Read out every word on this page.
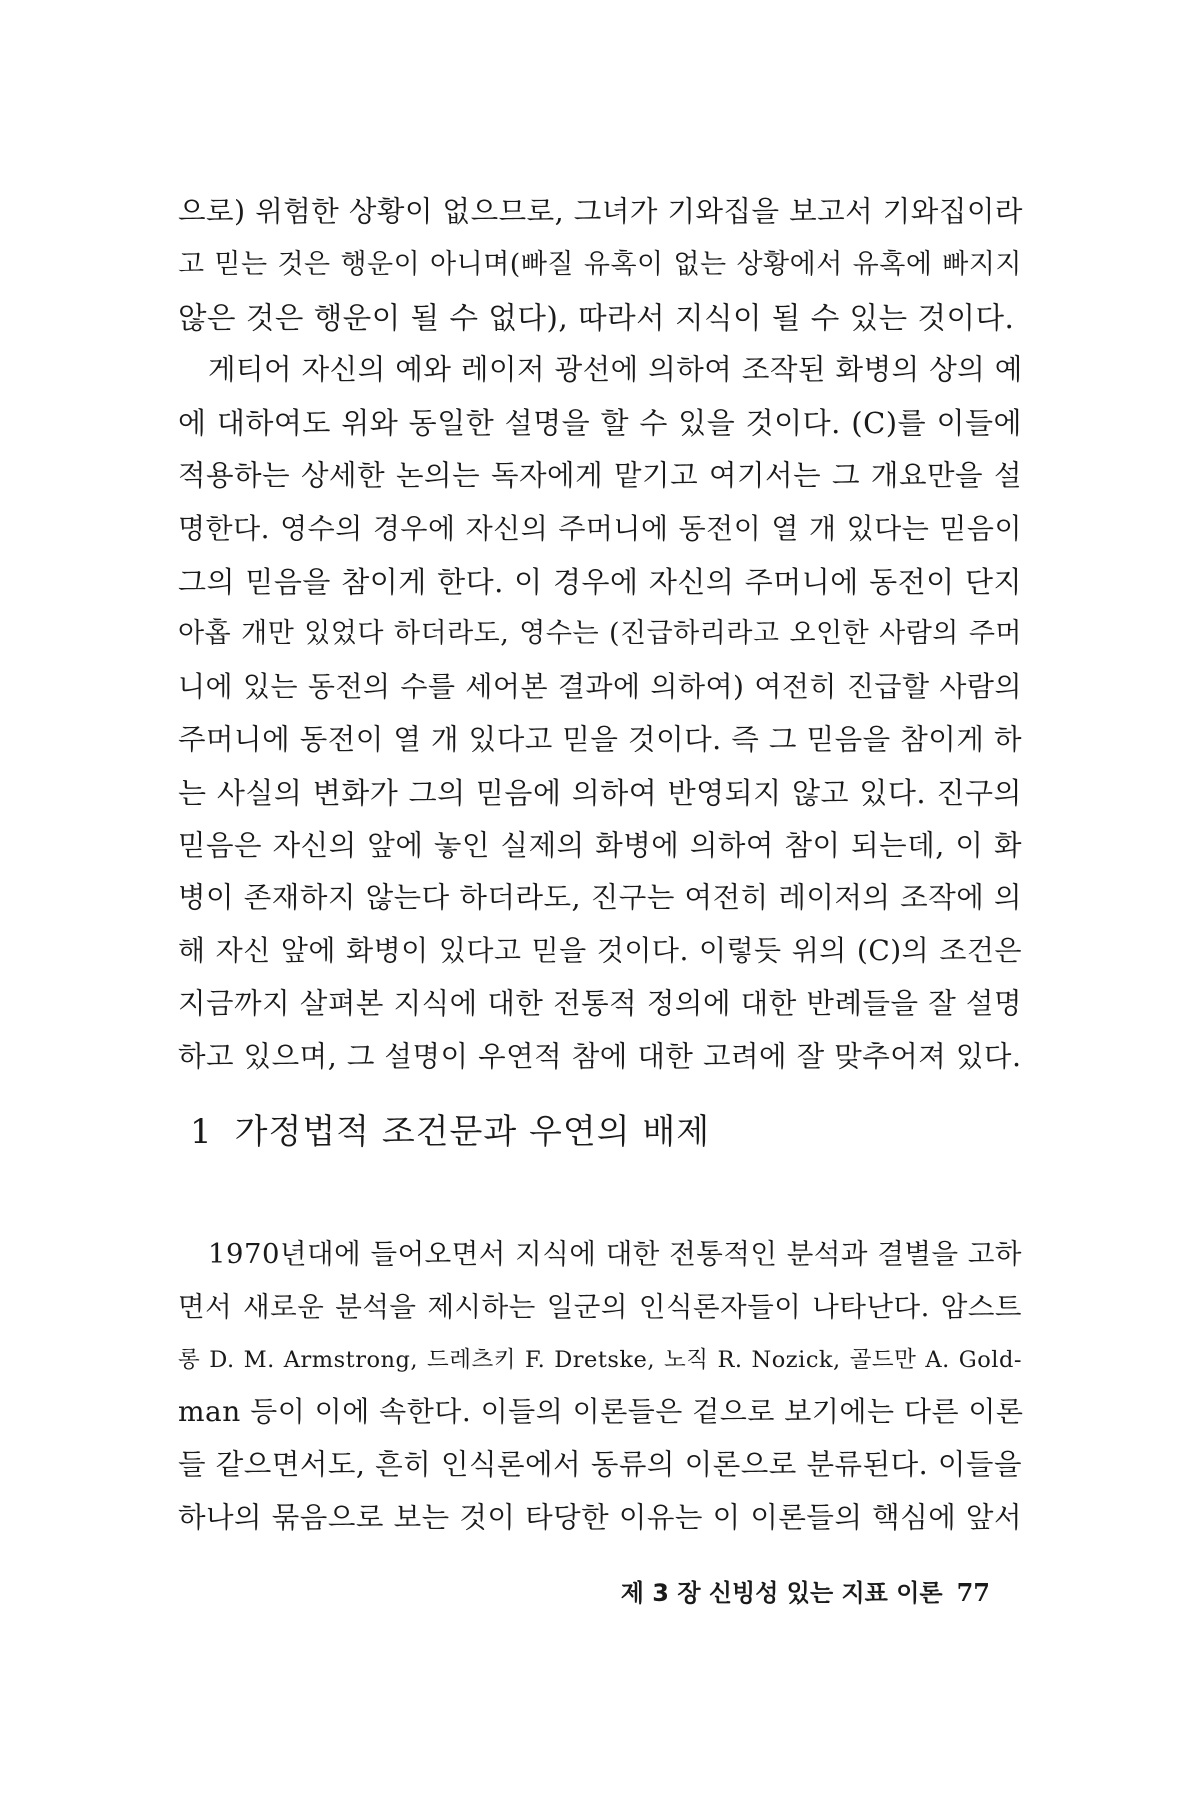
으로) 위험한 상황이 없으므로, 그녀가 기와집을 보고서 기와집이라
고 믿는 것은 행운이 아니며(빠질 유혹이 없는 상황에서 유혹에 빠지지
않은 것은 행운이 될 수 없다), 따라서 지식이 될 수 있는 것이다.
게티어 자신의 예와 레이저 광선에 의하여 조작된 화병의 상의 예
에 대하여도 위와 동일한 설명을 할 수 있을 것이다. (C)를 이들에
적용하는 상세한 논의는 독자에게 맡기고 여기서는 그 개요만을 설
명한다. 영수의 경우에 자신의 주머니에 동전이 열 개 있다는 믿음이
그의 믿음을 참이게 한다. 이 경우에 자신의 주머니에 동전이 단지
아홉 개만 있었다 하더라도, 영수는 (진급하리라고 오인한 사람의 주머
니에 있는 동전의 수를 세어본 결과에 의하여) 여전히 진급할 사람의
주머니에 동전이 열 개 있다고 믿을 것이다. 즉 그 믿음을 참이게 하
는 사실의 변화가 그의 믿음에 의하여 반영되지 않고 있다. 진구의
믿음은 자신의 앞에 놓인 실제의 화병에 의하여 참이 되는데, 이 화
병이 존재하지 않는다 하더라도, 진구는 여전히 레이저의 조작에 의
해 자신 앞에 화병이 있다고 믿을 것이다. 이렇듯 위의 (C)의 조건은
지금까지 살펴본 지식에 대한 전통적 정의에 대한 반례들을 잘 설명
하고 있으며, 그 설명이 우연적 참에 대한 고려에 잘 맞추어져 있다.
1 가정법적 조건문과 우연의 배제
1970년대에 들어오면서 지식에 대한 전통적인 분석과 결별을 고하
면서 새로운 분석을 제시하는 일군의 인식론자들이 나타난다. 암스트
롱 D. M. Armstrong, 드레츠키 F. Dretske, 노직 R. Nozick, 골드만 A. Gold-
man 등이 이에 속한다. 이들의 이론들은 겉으로 보기에는 다른 이론
들 같으면서도, 흔히 인식론에서 동류의 이론으로 분류된다. 이들을
하나의 묶음으로 보는 것이 타당한 이유는 이 이론들의 핵심에 앞서
제 3 장 신빙성 있는 지표 이론 77
